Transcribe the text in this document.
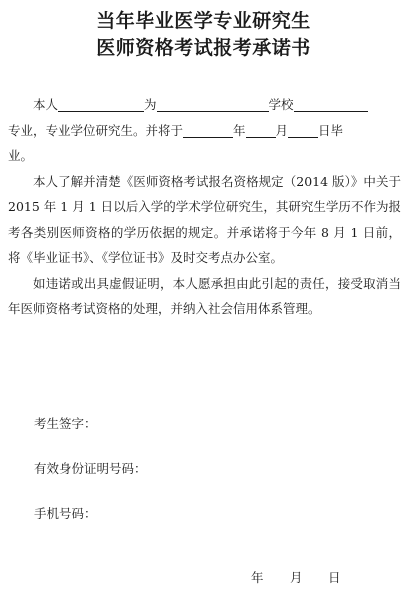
当年毕业医学专业研究生
医师资格考试报考承诺书

本人	为	学校

专业，专业学位研究生。并将于	年 月 日毕

业。

本人了解并清楚《医师资格考试报名资格规定（2014 版）》中关于 2015 年 1 月 1 日以后入学的学术学位研究生，其研究生学历不作为报考各类别医师资格的学历依据的规定。并承诺将于今年 8 月 1 日前，将《毕业证书》、《学位证书》及时交考点办公室。

如违诺或出具虚假证明，本人愿承担由此引起的责任，接受取消当年医师资格考试资格的处理，并纳入社会信用体系管理。

考生签字：
有效身份证明号码：
手机号码：
年 月 日
